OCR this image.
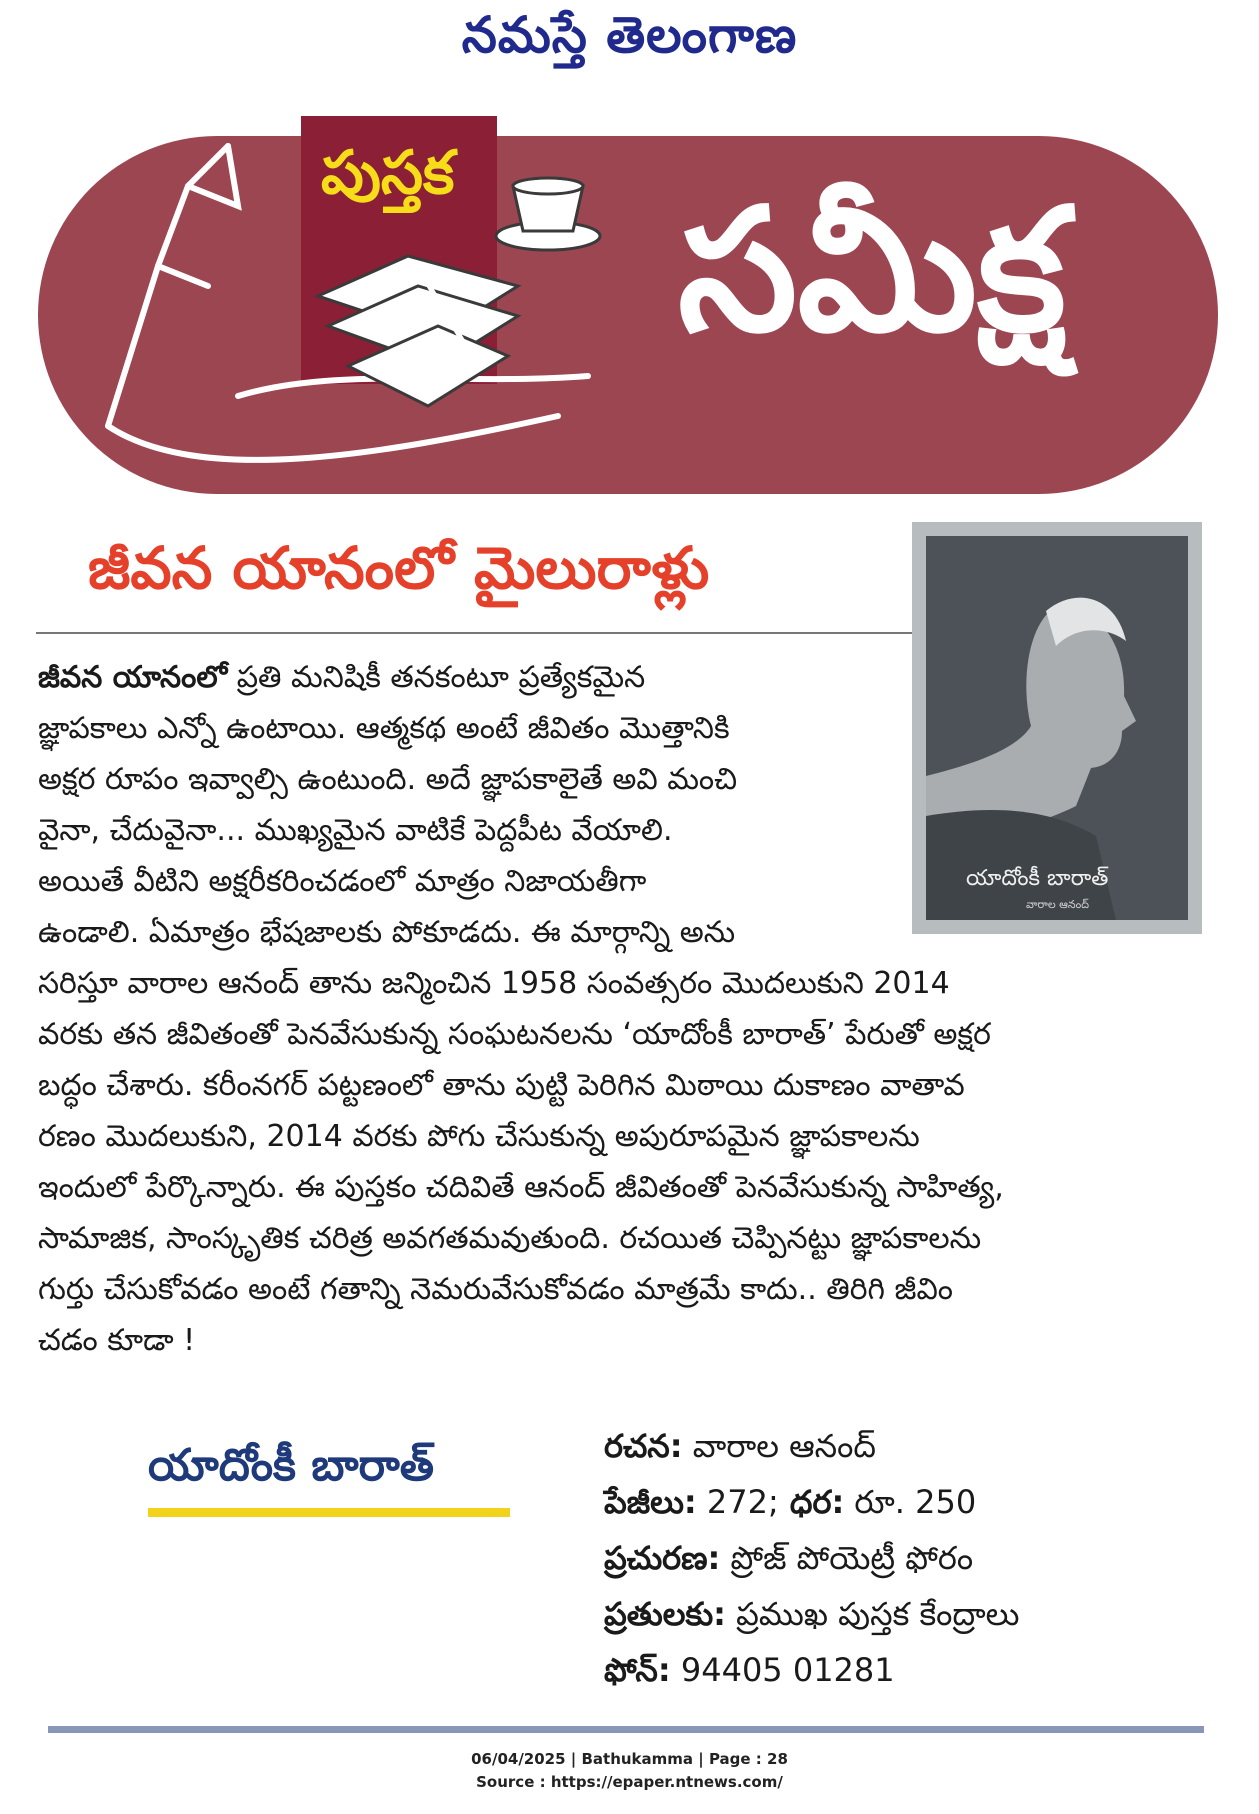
నమస్తే తెలంగాణ
పుస్తక సమీక్ష
జీవన యానంలో మైలురాళ్లు
యాదోంకీ బారాత్
వారాల ఆనంద్
జీవన యానంలో ప్రతి మనిషికీ తనకంటూ ప్రత్యేకమైన
జ్ఞాపకాలు ఎన్నో ఉంటాయి. ఆత్మకథ అంటే జీవితం మొత్తానికి
అక్షర రూపం ఇవ్వాల్సి ఉంటుంది. అదే జ్ఞాపకాలైతే అవి మంచి
వైనా, చేదువైనా... ముఖ్యమైన వాటికే పెద్దపీట వేయాలి.
అయితే వీటిని అక్షరీకరించడంలో మాత్రం నిజాయతీగా
ఉండాలి. ఏమాత్రం భేషజాలకు పోకూడదు. ఈ మార్గాన్ని అను
సరిస్తూ వారాల ఆనంద్ తాను జన్మించిన 1958 సంవత్సరం మొదలుకుని 2014
వరకు తన జీవితంతో పెనవేసుకున్న సంఘటనలను ‘యాదోంకీ బారాత్’ పేరుతో అక్షర
బద్ధం చేశారు. కరీంనగర్ పట్టణంలో తాను పుట్టి పెరిగిన మిఠాయి దుకాణం వాతావ
రణం మొదలుకుని, 2014 వరకు పోగు చేసుకున్న అపురూపమైన జ్ఞాపకాలను
ఇందులో పేర్కొన్నారు. ఈ పుస్తకం చదివితే ఆనంద్ జీవితంతో పెనవేసుకున్న సాహిత్య,
సామాజిక, సాంస్కృతిక చరిత్ర అవగతమవుతుంది. రచయిత చెప్పినట్టు జ్ఞాపకాలను
గుర్తు చేసుకోవడం అంటే గతాన్ని నెమరువేసుకోవడం మాత్రమే కాదు.. తిరిగి జీవిం
చడం కూడా !
యాదోంకీ బారాత్	రచన: వారాల ఆనంద్
పేజీలు: 272; ధర: రూ. 250
ప్రచురణ: ప్రోజ్ పోయెట్రీ ఫోరం
ప్రతులకు: ప్రముఖ పుస్తక కేంద్రాలు
ఫోన్: 94405 01281
06/04/2025 | Bathukamma | Page : 28
Source : https://epaper.ntnews.com/
